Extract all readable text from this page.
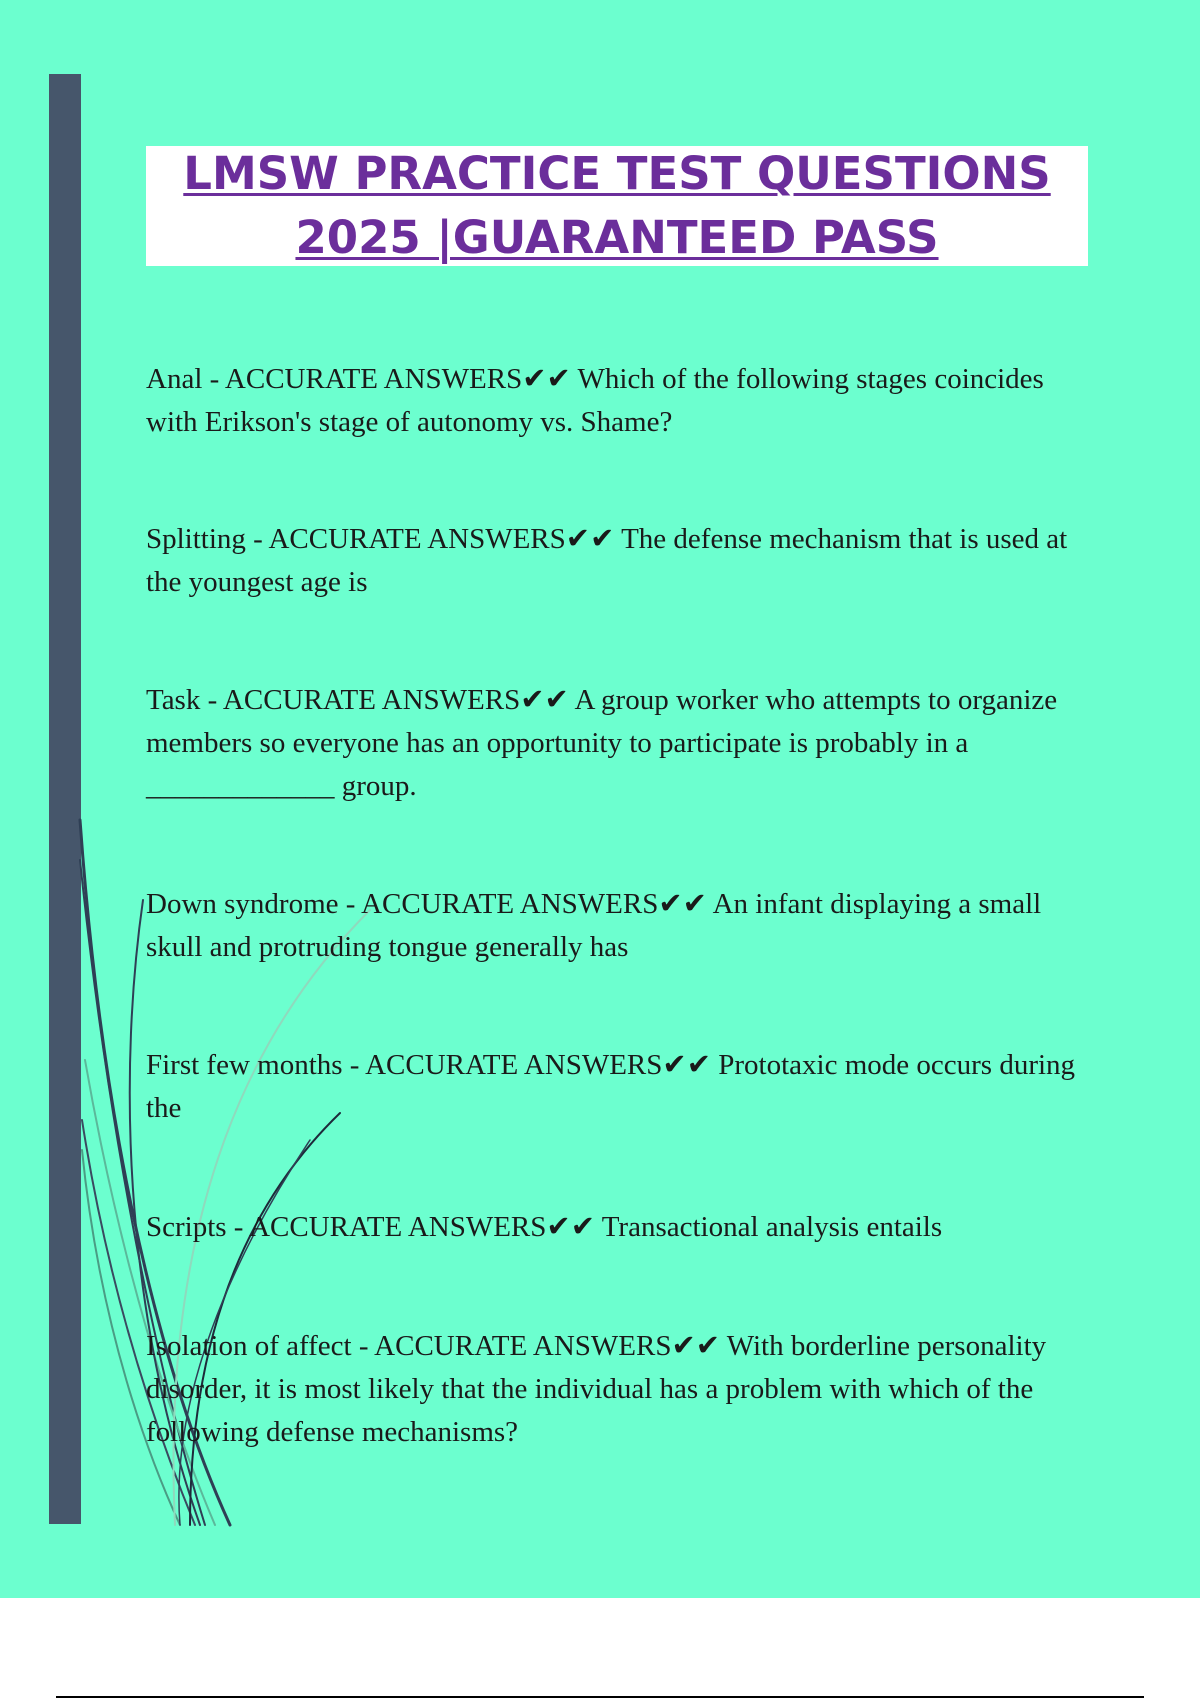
LMSW PRACTICE TEST QUESTIONS
2025 |GUARANTEED PASS

Anal - ACCURATE ANSWERS✔✔ Which of the following stages coincides with Erikson's stage of autonomy vs. Shame?

Splitting - ACCURATE ANSWERS✔✔ The defense mechanism that is used at the youngest age is

Task - ACCURATE ANSWERS✔✔ A group worker who attempts to organize members so everyone has an opportunity to participate is probably in a _____________ group.

Down syndrome - ACCURATE ANSWERS✔✔ An infant displaying a small skull and protruding tongue generally has

First few months - ACCURATE ANSWERS✔✔ Prototaxic mode occurs during the

Scripts - ACCURATE ANSWERS✔✔ Transactional analysis entails

Isolation of affect - ACCURATE ANSWERS✔✔ With borderline personality disorder, it is most likely that the individual has a problem with which of the following defense mechanisms?
